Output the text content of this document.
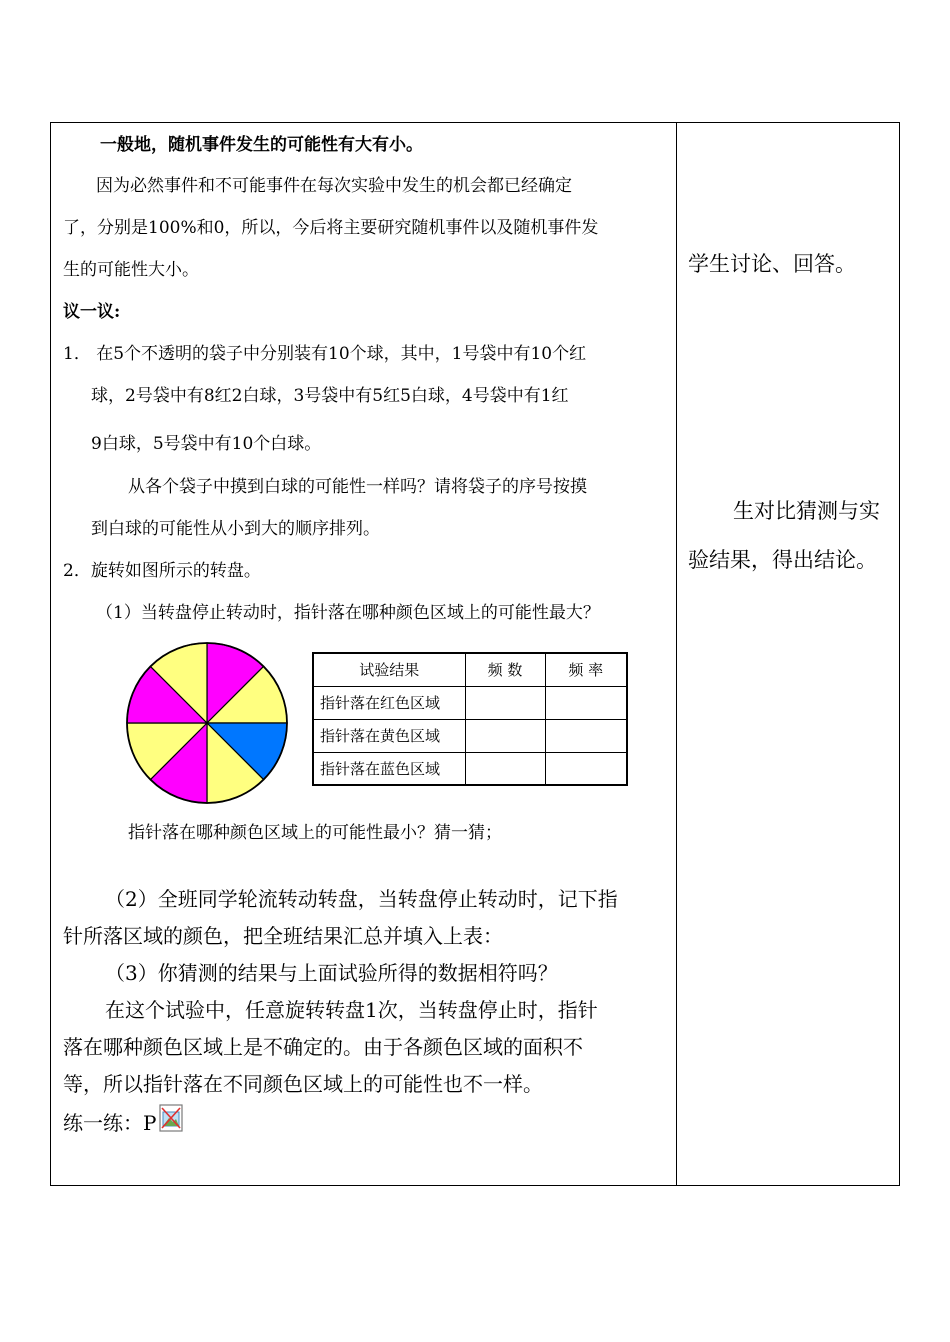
一般地，随机事件发生的可能性有大有小。
因为必然事件和不可能事件在每次实验中发生的机会都已经确定
了，分别是100%和0，所以，今后将主要研究随机事件以及随机事件发
生的可能性大小。
议一议:
1． 在5个不透明的袋子中分别装有10个球，其中，1号袋中有10个红
球，2号袋中有8红2白球，3号袋中有5红5白球，4号袋中有1红
9白球，5号袋中有10个白球。
从各个袋子中摸到白球的可能性一样吗？请将袋子的序号按摸
到白球的可能性从小到大的顺序排列。
2．旋转如图所示的转盘。
（1）当转盘停止转动时，指针落在哪种颜色区域上的可能性最大？
试验结果	频 数	频 率
指针落在红色区域		
指针落在黄色区域		
指针落在蓝色区域		
指针落在哪种颜色区域上的可能性最小？猜一猜；
（2）全班同学轮流转动转盘，当转盘停止转动时，记下指
针所落区域的颜色，把全班结果汇总并填入上表：
（3）你猜测的结果与上面试验所得的数据相符吗？
在这个试验中，任意旋转转盘1次，当转盘停止时，指针
落在哪种颜色区域上是不确定的。由于各颜色区域的面积不
等，所以指针落在不同颜色区域上的可能性也不一样。
练一练：P
学生讨论、回答。
生对比猜测与实
验结果，得出结论。
